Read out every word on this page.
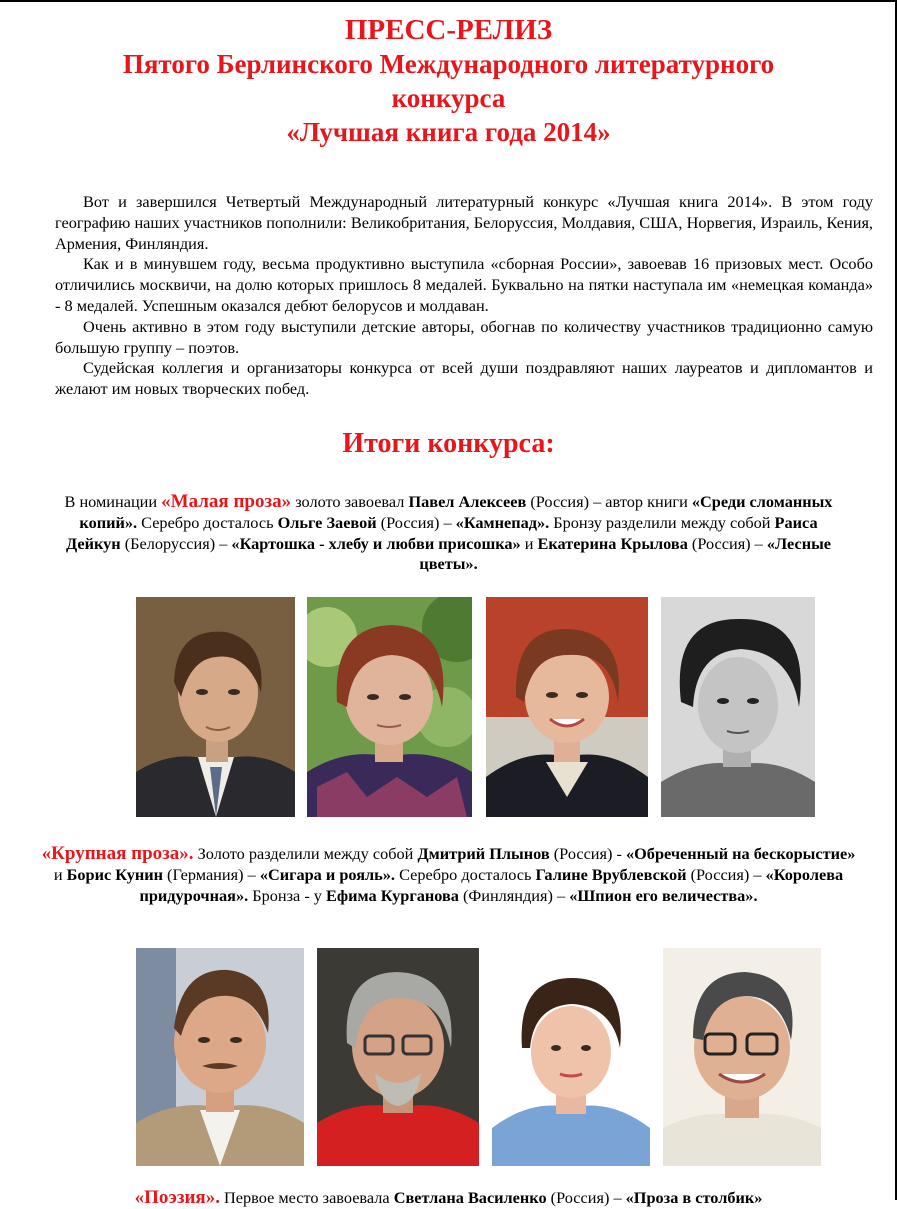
ПРЕСС-РЕЛИЗ
Пятого Берлинского Международного литературного
конкурса
«Лучшая книга года 2014»

Вот и завершился Четвертый Международный литературный конкурс «Лучшая книга 2014». В этом году географию наших участников пополнили: Великобритания, Белоруссия, Молдавия, США, Норвегия, Израиль, Кения, Армения, Финляндия.

Как и в минувшем году, весьма продуктивно выступила «сборная России», завоевав 16 призовых мест. Особо отличились москвичи, на долю которых пришлось 8 медалей. Буквально на пятки наступала им «немецкая команда» - 8 медалей. Успешным оказался дебют белорусов и молдаван.

Очень активно в этом году выступили детские авторы, обогнав по количеству участников традиционно самую большую группу – поэтов.

Судейская коллегия и организаторы конкурса от всей души поздравляют наших лауреатов и дипломантов и желают им новых творческих побед.

Итоги конкурса:
В номинации «Малая проза» золото завоевал Павел Алексеев (Россия) – автор книги «Среди сломанных копий». Серебро досталось Ольге Заевой (Россия) – «Камнепад». Бронзу разделили между собой Раиса Дейкун (Белоруссия) – «Картошка - хлебу и любви присошка» и Екатерина Крылова (Россия) – «Лесные цветы».
«Крупная проза». Золото разделили между собой Дмитрий Плынов (Россия) - «Обреченный на бескорыстие» и Борис Кунин (Германия) – «Сигара и рояль». Серебро досталось Галине Врублевской (Россия) – «Королева придурочная». Бронза - у Ефима Курганова (Финляндия) – «Шпион его величества».
«Поэзия». Первое место завоевала Светлана Василенко (Россия) – «Проза в столбик»
